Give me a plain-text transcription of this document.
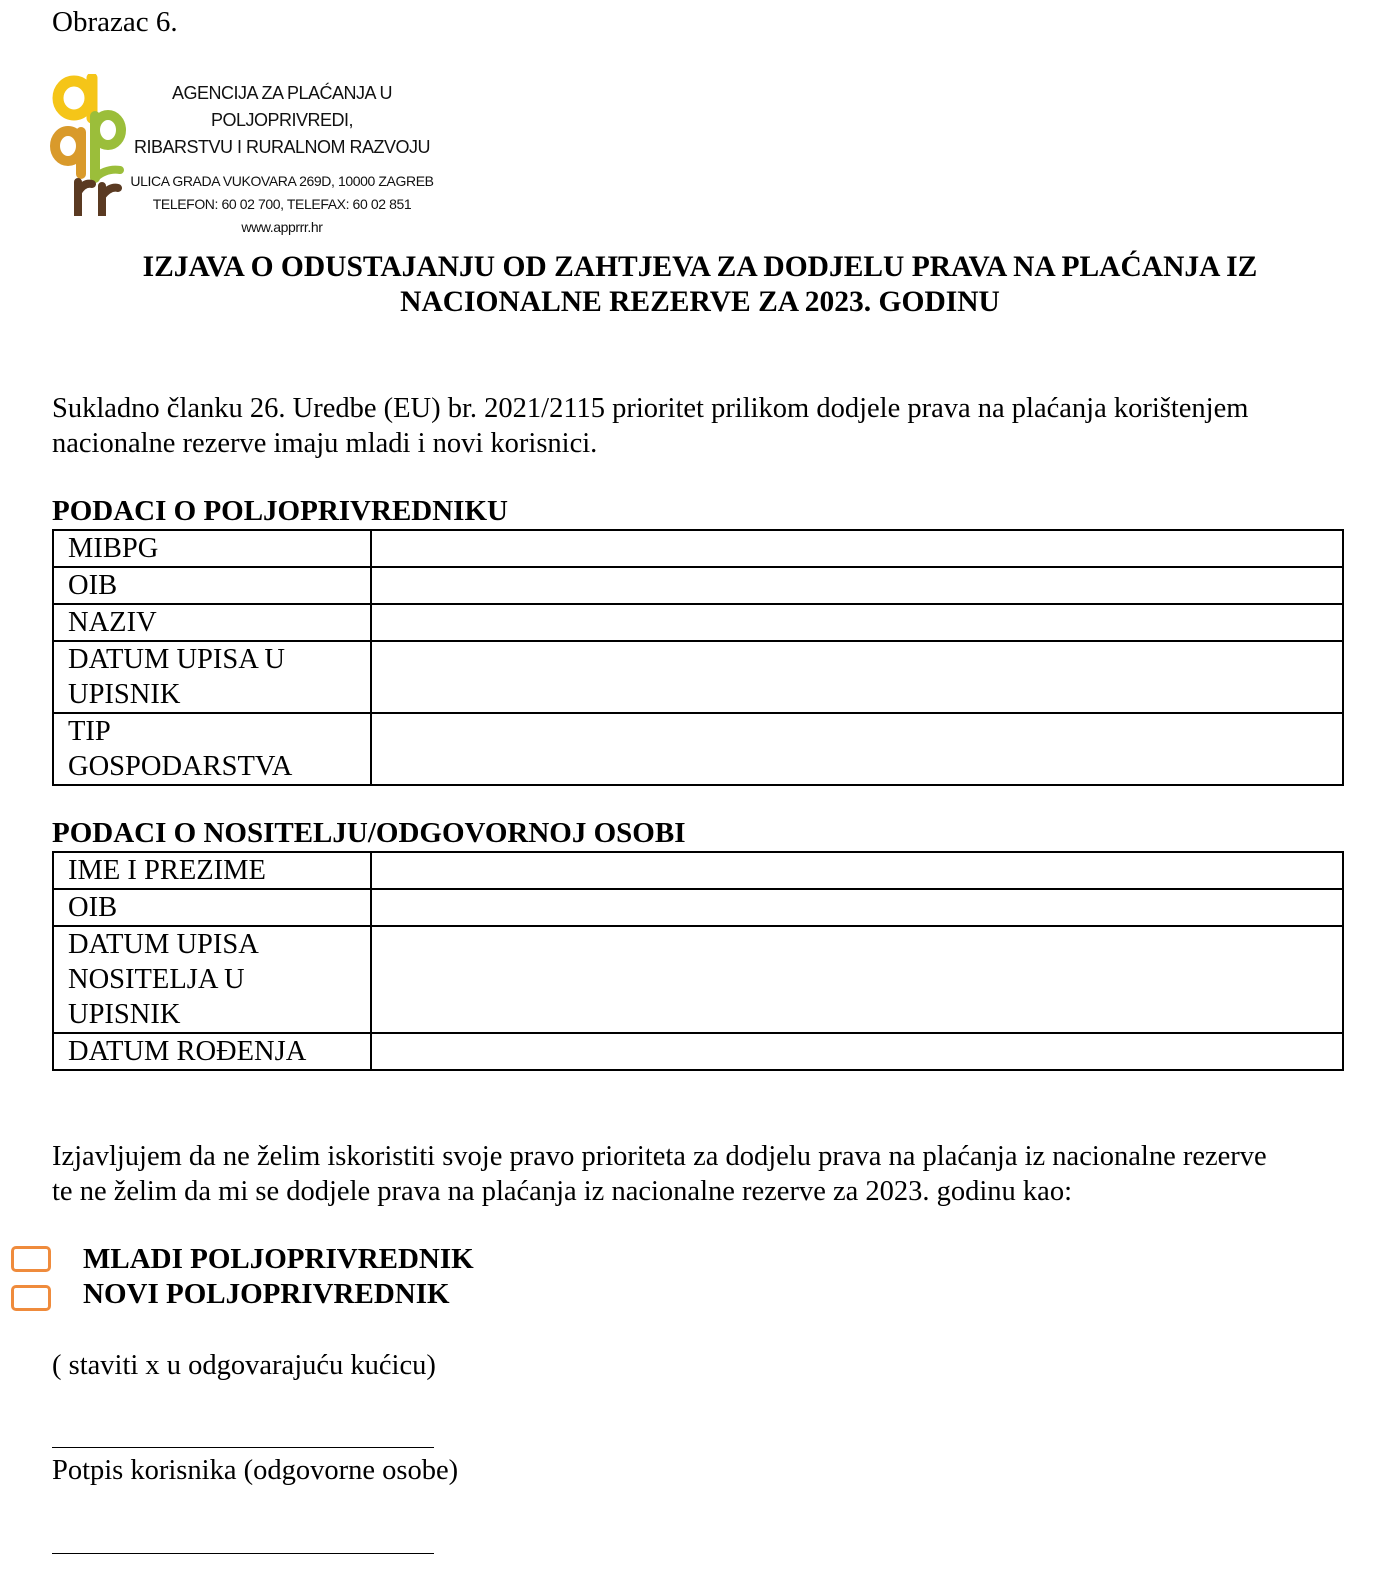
Obrazac 6.
AGENCIJA ZA PLAĆANJA U POLJOPRIVREDI,
RIBARSTVU I RURALNOM RAZVOJU
ULICA GRADA VUKOVARA 269D, 10000 ZAGREB
TELEFON: 60 02 700, TELEFAX: 60 02 851
www.apprrr.hr
IZJAVA O ODUSTAJANJU OD ZAHTJEVA ZA DODJELU PRAVA NA PLAĆANJA IZ
NACIONALNE REZERVE ZA 2023. GODINU
Sukladno članku 26. Uredbe (EU) br. 2021/2115 prioritet prilikom dodjele prava na plaćanja korištenjem
nacionalne rezerve imaju mladi i novi korisnici.
PODACI O POLJOPRIVREDNIKU
MIBPG	
OIB	
NAZIV	
DATUM UPISA U
UPISNIK	
TIP
GOSPODARSTVA	
PODACI O NOSITELJU/ODGOVORNOJ OSOBI
IME I PREZIME	
OIB	
DATUM UPISA
NOSITELJA U
UPISNIK	
DATUM ROĐENJA	
Izjavljujem da ne želim iskoristiti svoje pravo prioriteta za dodjelu prava na plaćanja iz nacionalne rezerve
te ne želim da mi se dodjele prava na plaćanja iz nacionalne rezerve za 2023. godinu kao:
MLADI POLJOPRIVREDNIK
NOVI POLJOPRIVREDNIK
( staviti x u odgovarajuću kućicu)
Potpis korisnika (odgovorne osobe)
